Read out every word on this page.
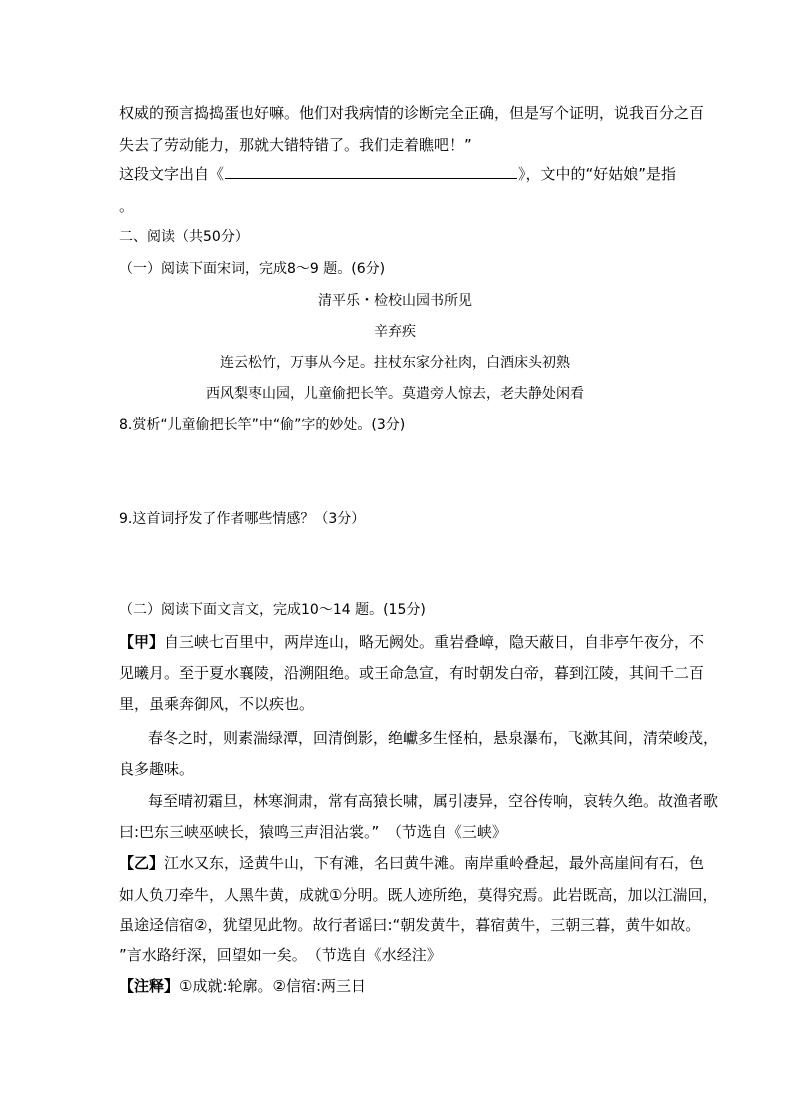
权威的预言捣捣蛋也好嘛。他们对我病情的诊断完全正确，但是写个证明，说我百分之百
失去了劳动能力，那就大错特错了。我们走着瞧吧！”
这段文字出自《	》，文中的“好姑娘”是指
。
二、阅读（共50分）
（一）阅读下面宋词，完成8～9 题。(6分)
清平乐・检校山园书所见
辛弃疾
连云松竹，万事从今足。拄杖东家分社肉，白酒床头初熟
西风梨枣山园，儿童偷把长竿。莫遣旁人惊去，老夫静处闲看
8.赏析“儿童偷把长竿”中“偷”字的妙处。(3分)
9.这首词抒发了作者哪些情感？（3分）
（二）阅读下面文言文，完成10～14 题。(15分)
【甲】自三峡七百里中，两岸连山，略无阙处。重岩叠嶂，隐天蔽日，自非亭午夜分，不
见曦月。至于夏水襄陵，沿溯阻绝。或王命急宣，有时朝发白帝，暮到江陵，其间千二百
里，虽乘奔御风，不以疾也。
春冬之时，则素湍绿潭，回清倒影，绝巘多生怪柏，悬泉瀑布，飞漱其间，清荣峻茂，
良多趣味。
每至晴初霜旦，林寒涧肃，常有高猿长啸，属引凄异，空谷传响，哀转久绝。故渔者歌
曰:巴东三峡巫峡长，猿鸣三声泪沾裳。”　（节选自《三峡》
【乙】江水又东，迳黄牛山，下有滩，名曰黄牛滩。南岸重岭叠起，最外高崖间有石，色
如人负刀牵牛，人黑牛黄，成就①分明。既人迹所绝，莫得究焉。此岩既高，加以江湍回，
虽途迳信宿②，犹望见此物。故行者谣曰:“朝发黄牛，暮宿黄牛，三朝三暮，黄牛如故。
”言水路纡深，回望如一矣。　（节选自《水经注》
【注释】①成就:轮廓。②信宿:两三日
